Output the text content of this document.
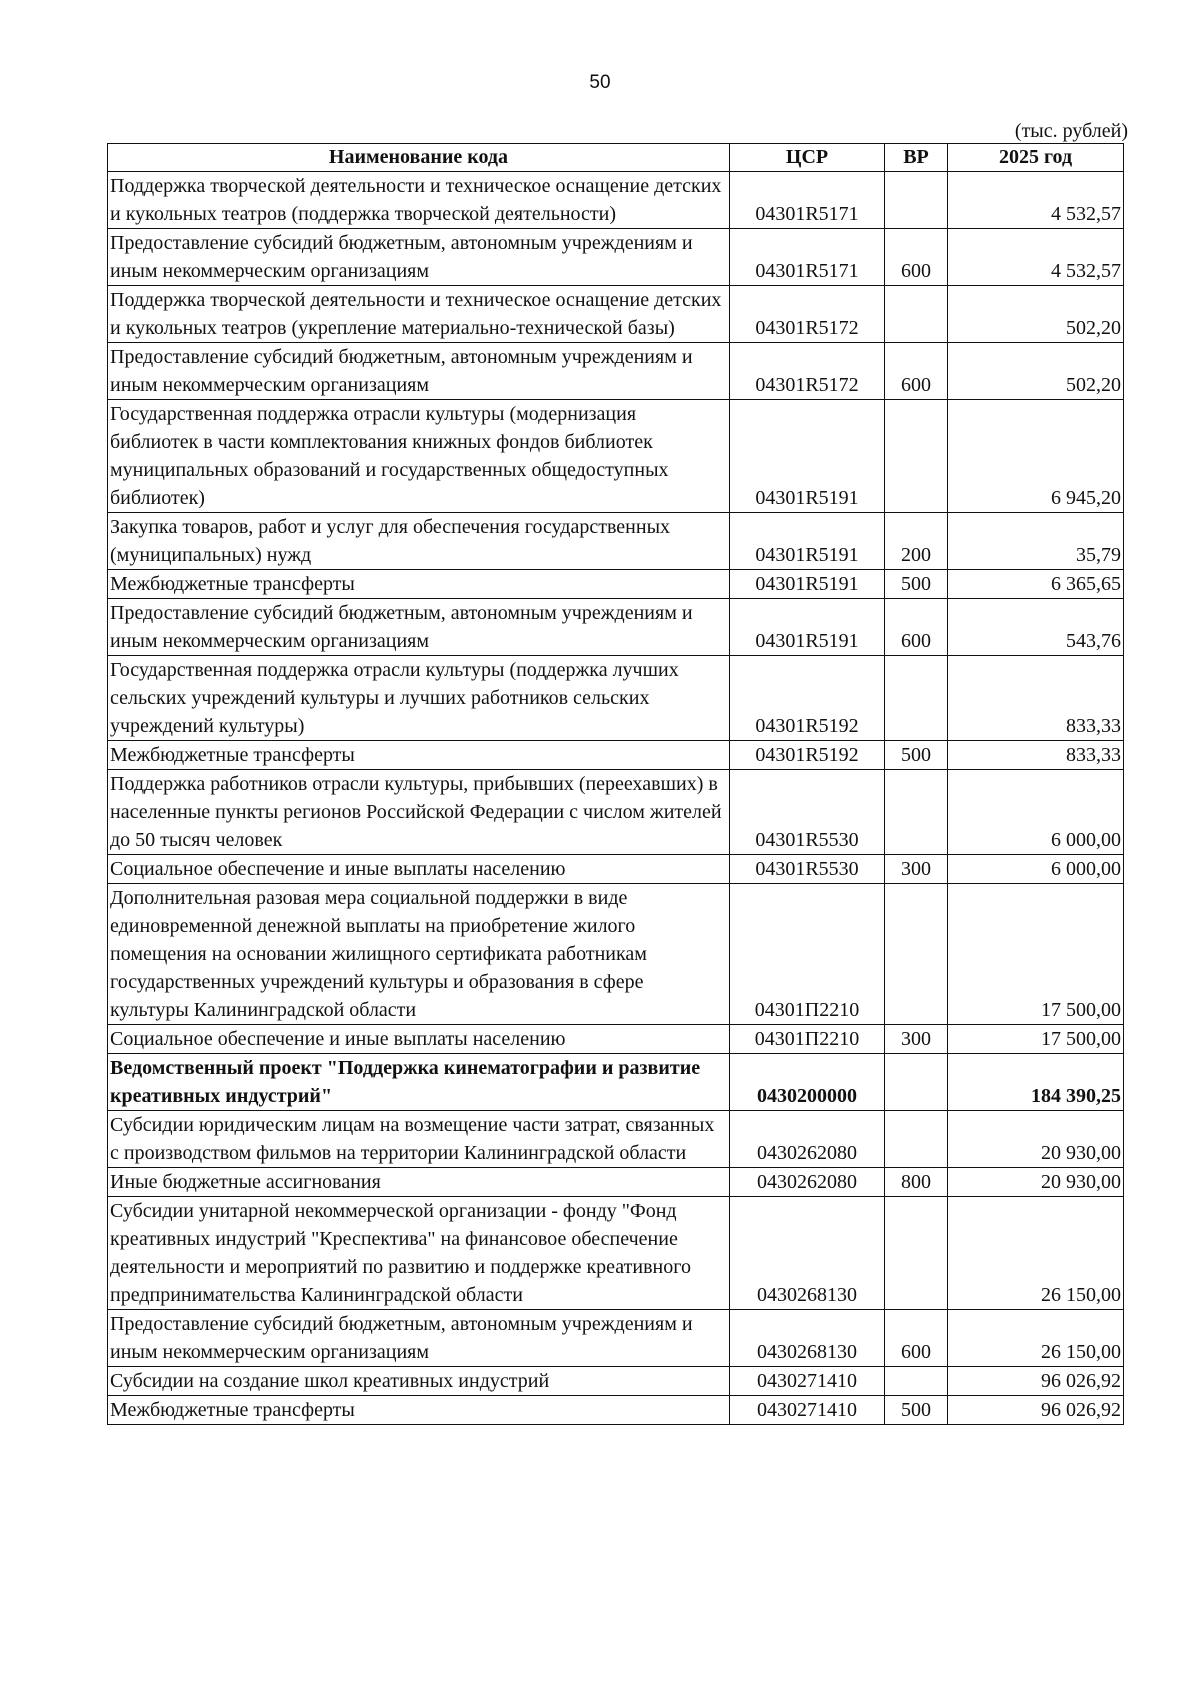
50
(тыс. рублей)
Наименование кода	ЦСР	ВР	2025 год
Поддержка творческой деятельности и техническое оснащение детских и кукольных театров (поддержка творческой деятельности)	04301R5171		4 532,57
Предоставление субсидий бюджетным, автономным учреждениям и иным некоммерческим организациям	04301R5171	600	4 532,57
Поддержка творческой деятельности и техническое оснащение детских и кукольных театров (укрепление материально-технической базы)	04301R5172		502,20
Предоставление субсидий бюджетным, автономным учреждениям и иным некоммерческим организациям	04301R5172	600	502,20
Государственная поддержка отрасли культуры (модернизация библиотек в части комплектования книжных фондов библиотек муниципальных образований и государственных общедоступных библиотек)	04301R5191		6 945,20
Закупка товаров, работ и услуг для обеспечения государственных (муниципальных) нужд	04301R5191	200	35,79
Межбюджетные трансферты	04301R5191	500	6 365,65
Предоставление субсидий бюджетным, автономным учреждениям и иным некоммерческим организациям	04301R5191	600	543,76
Государственная поддержка отрасли культуры (поддержка лучших сельских учреждений культуры и лучших работников сельских учреждений культуры)	04301R5192		833,33
Межбюджетные трансферты	04301R5192	500	833,33
Поддержка работников отрасли культуры, прибывших (переехавших) в населенные пункты регионов Российской Федерации с числом жителей до 50 тысяч человек	04301R5530		6 000,00
Социальное обеспечение и иные выплаты населению	04301R5530	300	6 000,00
Дополнительная разовая мера социальной поддержки в виде единовременной денежной выплаты на приобретение жилого помещения на основании жилищного сертификата работникам государственных учреждений культуры и образования в сфере культуры Калининградской области	04301П2210		17 500,00
Социальное обеспечение и иные выплаты населению	04301П2210	300	17 500,00
Ведомственный проект "Поддержка кинематографии и развитие креативных индустрий"	0430200000		184 390,25
Субсидии юридическим лицам на возмещение части затрат, связанных с производством фильмов на территории Калининградской области	0430262080		20 930,00
Иные бюджетные ассигнования	0430262080	800	20 930,00
Субсидии унитарной некоммерческой организации - фонду "Фонд креативных индустрий "Креспектива" на финансовое обеспечение деятельности и мероприятий по развитию и поддержке креативного предпринимательства Калининградской области	0430268130		26 150,00
Предоставление субсидий бюджетным, автономным учреждениям и иным некоммерческим организациям	0430268130	600	26 150,00
Субсидии на создание школ креативных индустрий	0430271410		96 026,92
Межбюджетные трансферты	0430271410	500	96 026,92
